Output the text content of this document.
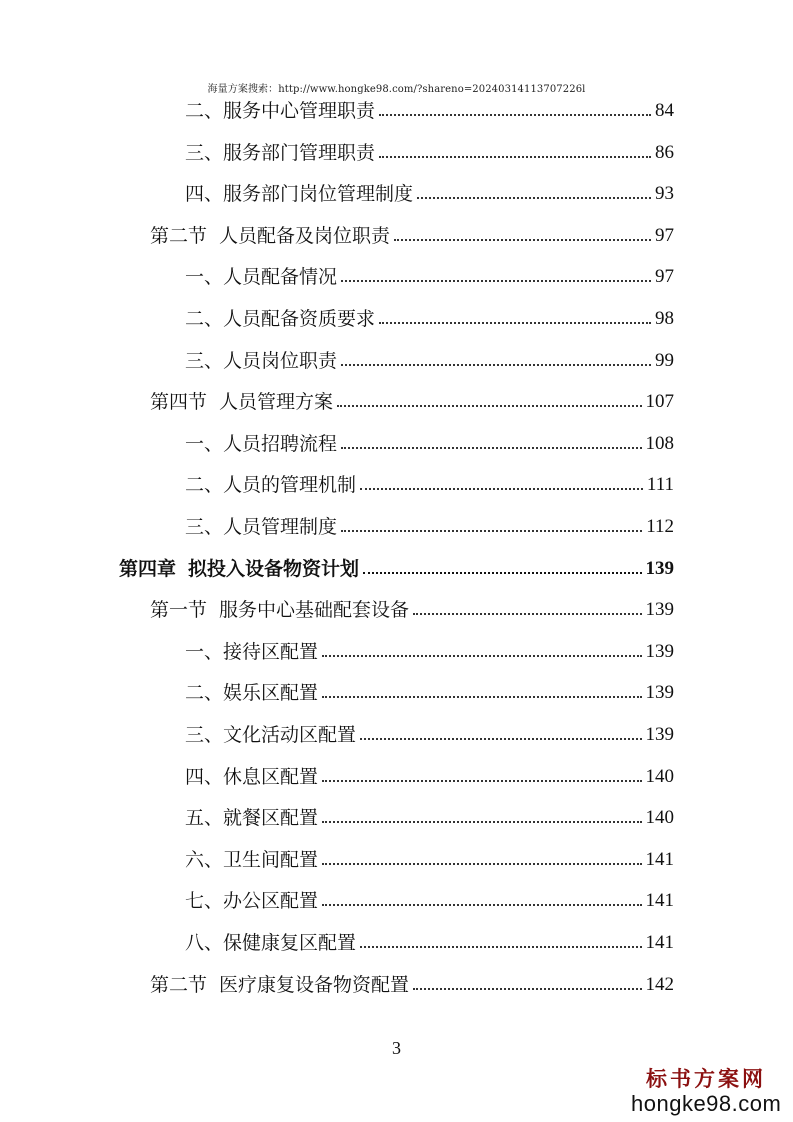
海量方案搜索：http://www.hongke98.com/?shareno=20240314113707226l
二、 服务中心管理职责	84
三、 服务部门管理职责	86
四、 服务部门岗位管理制度	93
第二节 人员配备及岗位职责	97
一、 人员配备情况	97
二、 人员配备资质要求	98
三、 人员岗位职责	99
第四节 人员管理方案	107
一、 人员招聘流程	108
二、 人员的管理机制	111
三、 人员管理制度	112
第四章 拟投入设备物资计划	139
第一节 服务中心基础配套设备	139
一、 接待区配置	139
二、 娱乐区配置	139
三、 文化活动区配置	139
四、 休息区配置	140
五、 就餐区配置	140
六、 卫生间配置	141
七、 办公区配置	141
八、 保健康复区配置	141
第二节 医疗康复设备物资配置	142
3
标书方案网
hongke98.com
